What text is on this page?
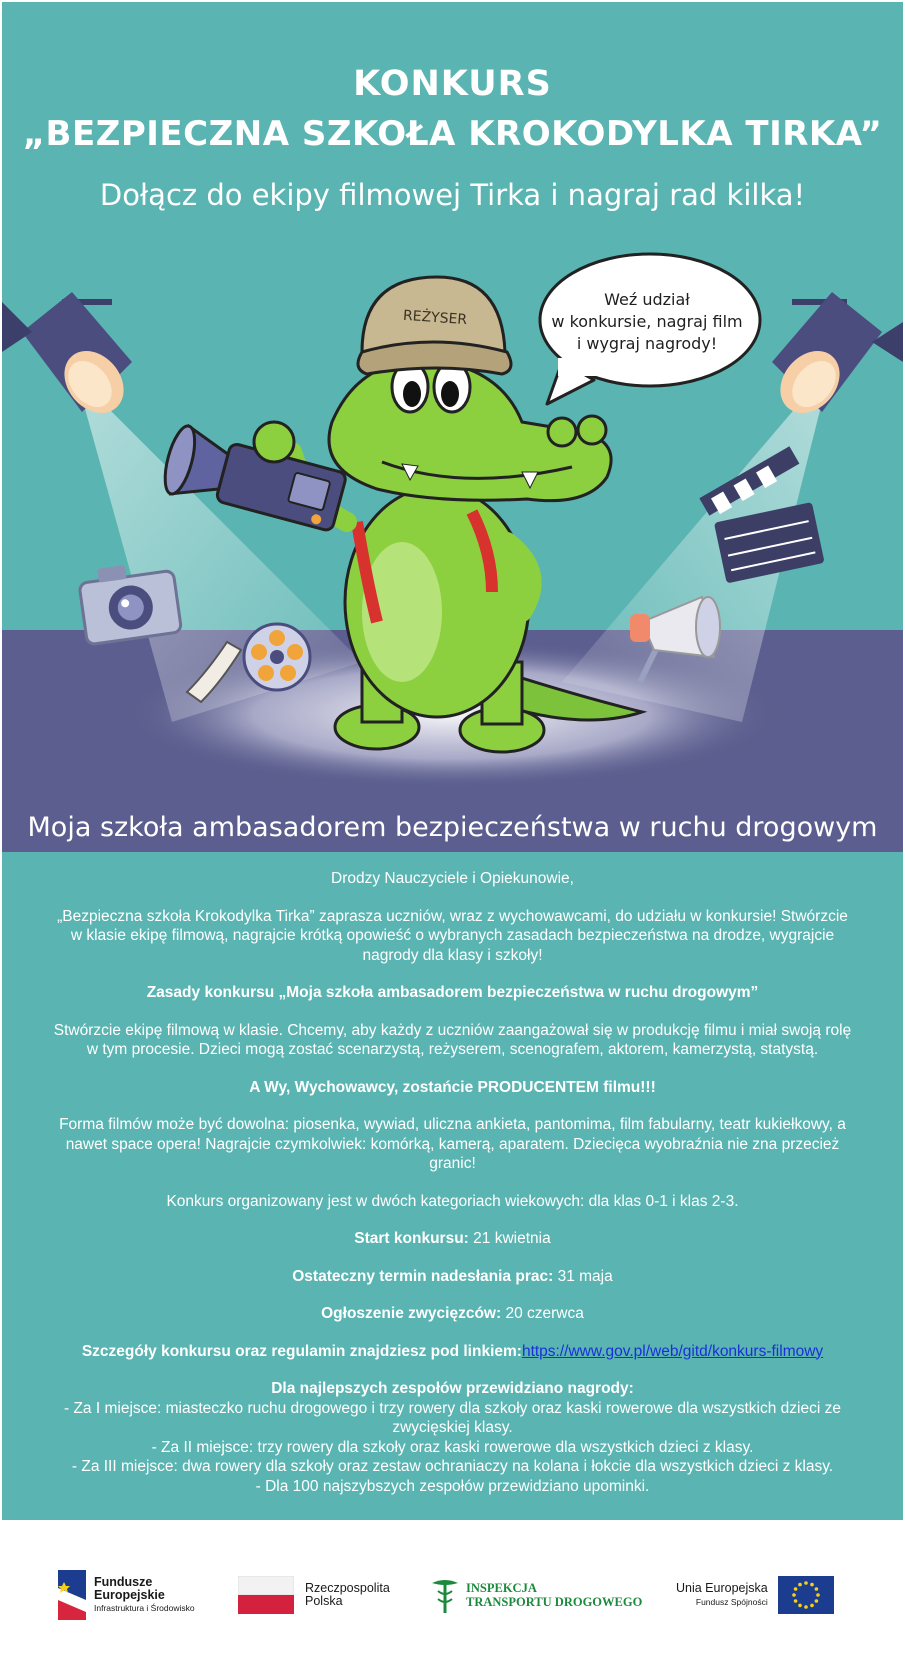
KONKURS
„BEZPIECZNA SZKOŁA KROKODYLKA TIRKA”
Dołącz do ekipy filmowej Tirka i nagraj rad kilka!
REŻYSER
Weź udział
w konkursie, nagraj film
i wygraj nagrody!
Moja szkoła ambasadorem bezpieczeństwa w ruchu drogowym

Drodzy Nauczyciele i Opiekunowie,

„Bezpieczna szkoła Krokodylka Tirka” zaprasza uczniów, wraz z wychowawcami, do udziału w konkursie! Stwórzcie w klasie ekipę filmową, nagrajcie krótką opowieść o wybranych zasadach bezpieczeństwa na drodze, wygrajcie nagrody dla klasy i szkoły!

Zasady konkursu „Moja szkoła ambasadorem bezpieczeństwa w ruchu drogowym”

Stwórzcie ekipę filmową w klasie. Chcemy, aby każdy z uczniów zaangażował się w produkcję filmu i miał swoją rolę w tym procesie. Dzieci mogą zostać scenarzystą, reżyserem, scenografem, aktorem, kamerzystą, statystą.

A Wy, Wychowawcy, zostańcie PRODUCENTEM filmu!!!

Forma filmów może być dowolna: piosenka, wywiad, uliczna ankieta, pantomima, film fabularny, teatr kukiełkowy, a nawet space opera! Nagrajcie czymkolwiek: komórką, kamerą, aparatem. Dziecięca wyobraźnia nie zna przecież granic!

Konkurs organizowany jest w dwóch kategoriach wiekowych: dla klas 0-1 i klas 2-3.

Start konkursu: 21 kwietnia

Ostateczny termin nadesłania prac: 31 maja

Ogłoszenie zwycięzców: 20 czerwca

Szczegóły konkursu oraz regulamin znajdziesz pod linkiem:https://www.gov.pl/web/gitd/konkurs-filmowy

Dla najlepszych zespołów przewidziano nagrody:

- Za I miejsce: miasteczko ruchu drogowego i trzy rowery dla szkoły oraz kaski rowerowe dla wszystkich dzieci ze zwycięskiej klasy.

- Za II miejsce: trzy rowery dla szkoły oraz kaski rowerowe dla wszystkich dzieci z klasy.

- Za III miejsce: dwa rowery dla szkoły oraz zestaw ochraniaczy na kolana i łokcie dla wszystkich dzieci z klasy.

- Dla 100 najszybszych zespołów przewidziano upominki.

Fundusze
Europejskie
Infrastruktura i Środowisko
Rzeczpospolita
Polska
INSPEKCJA
TRANSPORTU DROGOWEGO
Unia Europejska
Fundusz Spójności
